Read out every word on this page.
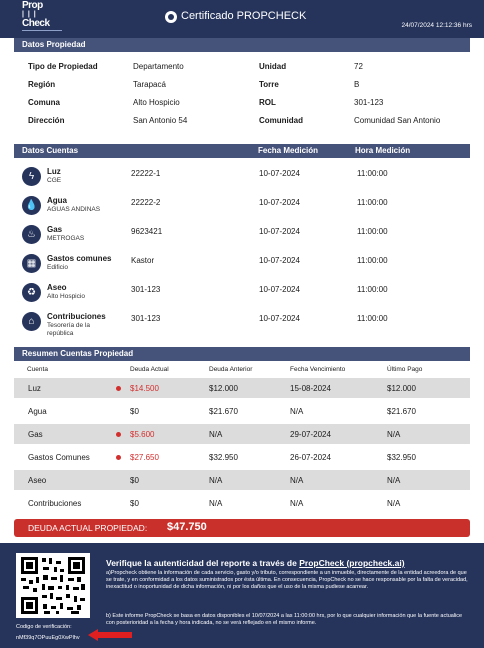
Prop
| | |
Check
Certificado PROPCHECK
24/07/2024 12:12:36 hrs
Datos Propiedad
Tipo de Propiedad	Departamento
Región	Tarapacá
Comuna	Alto Hospicio
Dirección	San Antonio 54
Unidad	72
Torre	B
ROL	301-123
Comunidad	Comunidad San Antonio
Datos Cuentas	Fecha Medición	Hora Medición
ϟ	Luz
CGE
22222-1	10-07-2024	11:00:00
💧	Agua
AGUAS ANDINAS
22222-2	10-07-2024	11:00:00
♨	Gas
METROGAS
9623421	10-07-2024	11:00:00
▦	Gastos comunes
Edificio
Kastor	10-07-2024	11:00:00
♻	Aseo
Alto Hospicio
301-123	10-07-2024	11:00:00
⌂	Contribuciones
Tesorería de la república
301-123	10-07-2024	11:00:00
Resumen Cuentas Propiedad
Cuenta	Deuda Actual	Deuda Anterior	Fecha Vencimiento	Último Pago
Luz	$14.500	$12.000	15-08-2024	$12.000
Agua	$0	$21.670	N/A	$21.670
Gas	$5.600	N/A	29-07-2024	N/A
Gastos Comunes	$27.650	$32.950	26-07-2024	$32.950
Aseo	$0	N/A	N/A	N/A
Contribuciones	$0	N/A	N/A	N/A
DEUDA ACTUAL PROPIEDAD: $47.750
Codigo de verificación:
nMf39q7OPuuEg0XwPlhv
Verifique la autenticidad del reporte a través de PropCheck (propcheck.ai)
a)Propcheck obtiene la información de cada servicio, gasto y/o tributo, correspondiente a un inmueble, directamente de la entidad acreedora de que se trate, y en conformidad a los datos suministrados por ésta última. En consecuencia, PropCheck no se hace responsable por la falta de veracidad, inexactitud o inoportunidad de dicha información, ni por los daños que el uso de la misma pudiese acarrear.
b) Este informe PropCheck se basa en datos disponibles el 10/07/2024 a las 11:00:00 hrs, por lo que cualquier información que la fuente actualice con posterioridad a la fecha y hora indicada, no se verá reflejado en el mismo informe.
